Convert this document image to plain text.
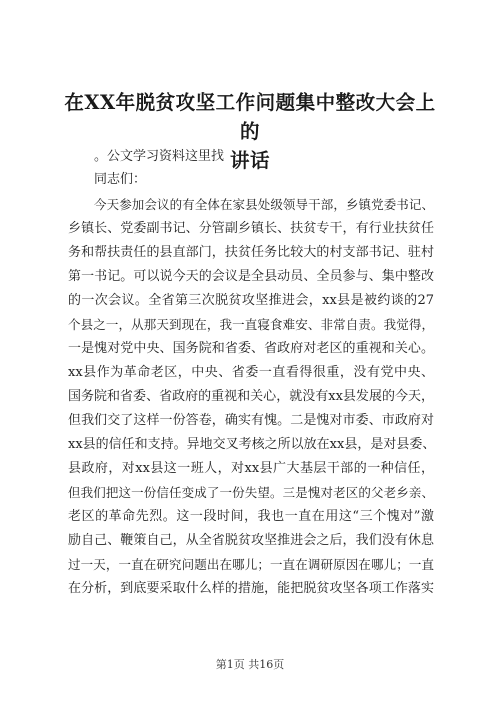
在XX年脱贫攻坚工作问题集中整改大会上的
讲话
。公文学习资料这里找
同志们：
今天参加会议的有全体在家县处级领导干部，乡镇党委书记、
乡镇长、党委副书记、分管副乡镇长、扶贫专干，有行业扶贫任
务和帮扶责任的县直部门，扶贫任务比较大的村支部书记、驻村
第一书记。可以说今天的会议是全县动员、全员参与、集中整改
的一次会议。全省第三次脱贫攻坚推进会，xx县是被约谈的27
个县之一，从那天到现在，我一直寝食难安、非常自责。我觉得，
一是愧对党中央、国务院和省委、省政府对老区的重视和关心。
xx县作为革命老区，中央、省委一直看得很重，没有党中央、
国务院和省委、省政府的重视和关心，就没有xx县发展的今天，
但我们交了这样一份答卷，确实有愧。二是愧对市委、市政府对
xx县的信任和支持。异地交叉考核之所以放在xx县，是对县委、
县政府，对xx县这一班人，对xx县广大基层干部的一种信任，
但我们把这一份信任变成了一份失望。三是愧对老区的父老乡亲、
老区的革命先烈。这一段时间，我也一直在用这“三个愧对”激
励自己、鞭策自己，从全省脱贫攻坚推进会之后，我们没有休息
过一天，一直在研究问题出在哪儿；一直在调研原因在哪儿；一直
在分析，到底要采取什么样的措施，能把脱贫攻坚各项工作落实
第1页 共16页
